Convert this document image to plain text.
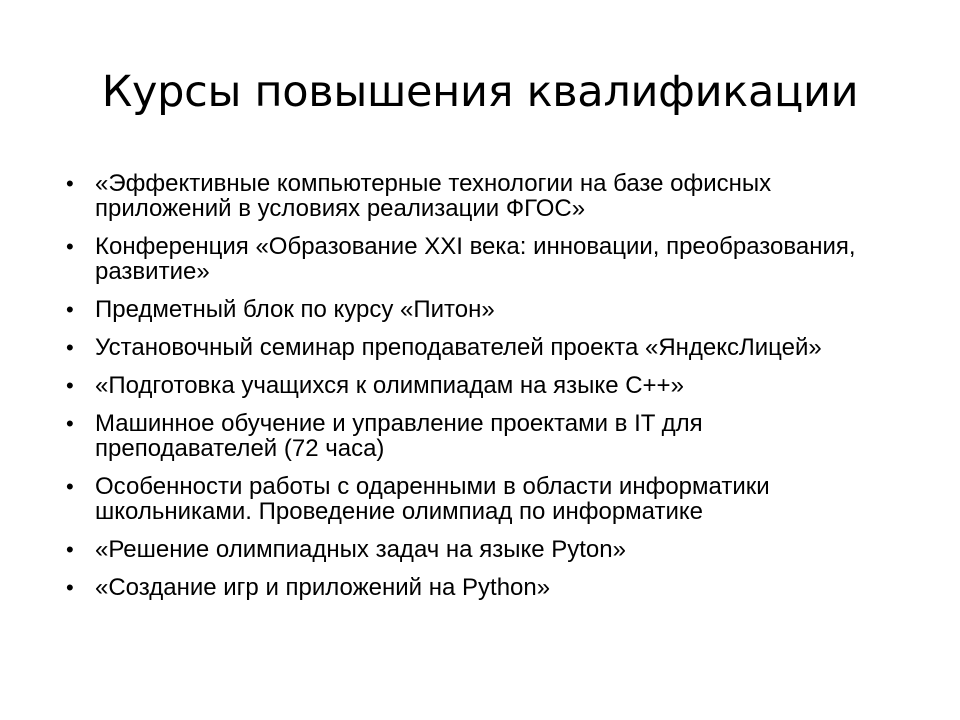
Курсы повышения квалификации
• «Эффективные компьютерные технологии на базе офисных приложений в условиях реализации ФГОС»
• Конференция «Образование XXI века: инновации, преобразования, развитие»
• Предметный блок по курсу «Питон»
• Установочный семинар преподавателей проекта «ЯндексЛицей»
• «Подготовка учащихся к олимпиадам на языке С++»
• Машинное обучение и управление проектами в IT для преподавателей (72 часа)
• Особенности работы с одаренными в области информатики школьниками. Проведение олимпиад по информатике
• «Решение олимпиадных задач на языке Pyton»
• «Создание игр и приложений на Python»
